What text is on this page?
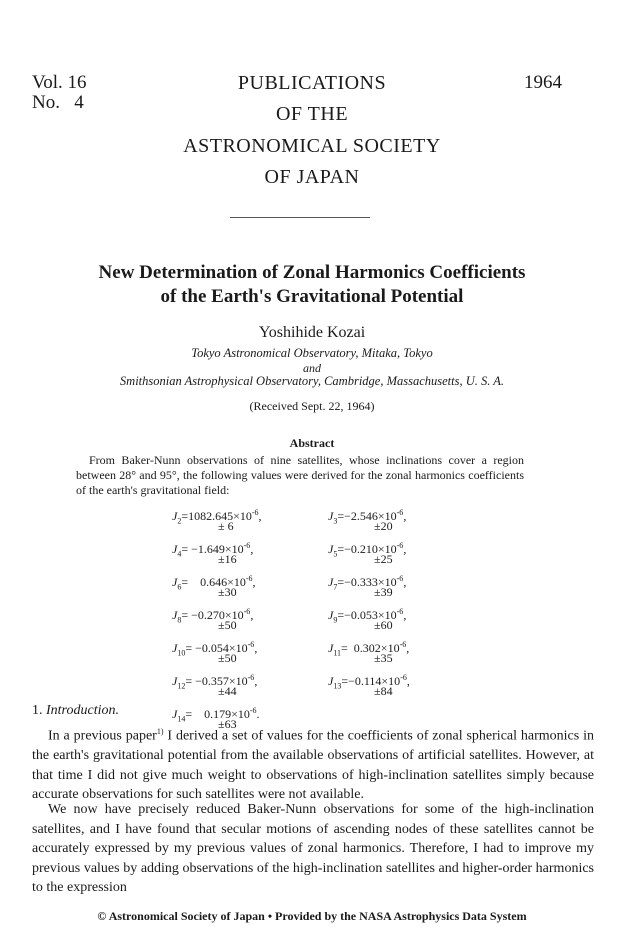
Vol. 16
No.   4
1964
PUBLICATIONS
OF THE
ASTRONOMICAL SOCIETY
OF JAPAN
New Determination of Zonal Harmonics Coefficients
of the Earth's Gravitational Potential
Yoshihide Kozai
Tokyo Astronomical Observatory, Mitaka, Tokyo
and
Smithsonian Astrophysical Observatory, Cambridge, Massachusetts, U. S. A.
(Received Sept. 22, 1964)
Abstract
From Baker-Nunn observations of nine satellites, whose inclinations cover a region between 28° and 95°, the following values were derived for the zonal harmonics coefficients of the earth's gravitational field:
$J_2=1082.645\times 10^{-6}$,
± 6
$J_3=-2.546\times 10^{-6}$,
±20
$J_4= -1.649\times 10^{-6}$,
±16
$J_5=-0.210\times 10^{-6}$,
±25
$J_6=$    $0.646\times 10^{-6}$,
±30
$J_7=-0.333\times 10^{-6}$,
±39
$J_8= -0.270\times 10^{-6}$,
±50
$J_9=-0.053\times 10^{-6}$,
±60
$J_{10}= -0.054\times 10^{-6}$,
±50
$J_{11}= 0.302\times 10^{-6}$,
±35
$J_{12}= -0.357\times 10^{-6}$,
±44
$J_{13}=-0.114\times 10^{-6}$,
±84
$J_{14}=$    $0.179\times 10^{-6}$.
±63
1. Introduction.
In a previous paper$^{1)}$ I derived a set of values for the coefficients of zonal spherical harmonics in the earth's gravitational potential from the available observations of artificial satellites. However, at that time I did not give much weight to observations of high-inclination satellites simply because accurate observations for such satellites were not available.
We now have precisely reduced Baker-Nunn observations for some of the high-inclination satellites, and I have found that secular motions of ascending nodes of these satellites cannot be accurately expressed by my previous values of zonal harmonics. Therefore, I had to improve my previous values by adding observations of the high-inclination satellites and higher-order harmonics to the expression
© Astronomical Society of Japan • Provided by the NASA Astrophysics Data System
